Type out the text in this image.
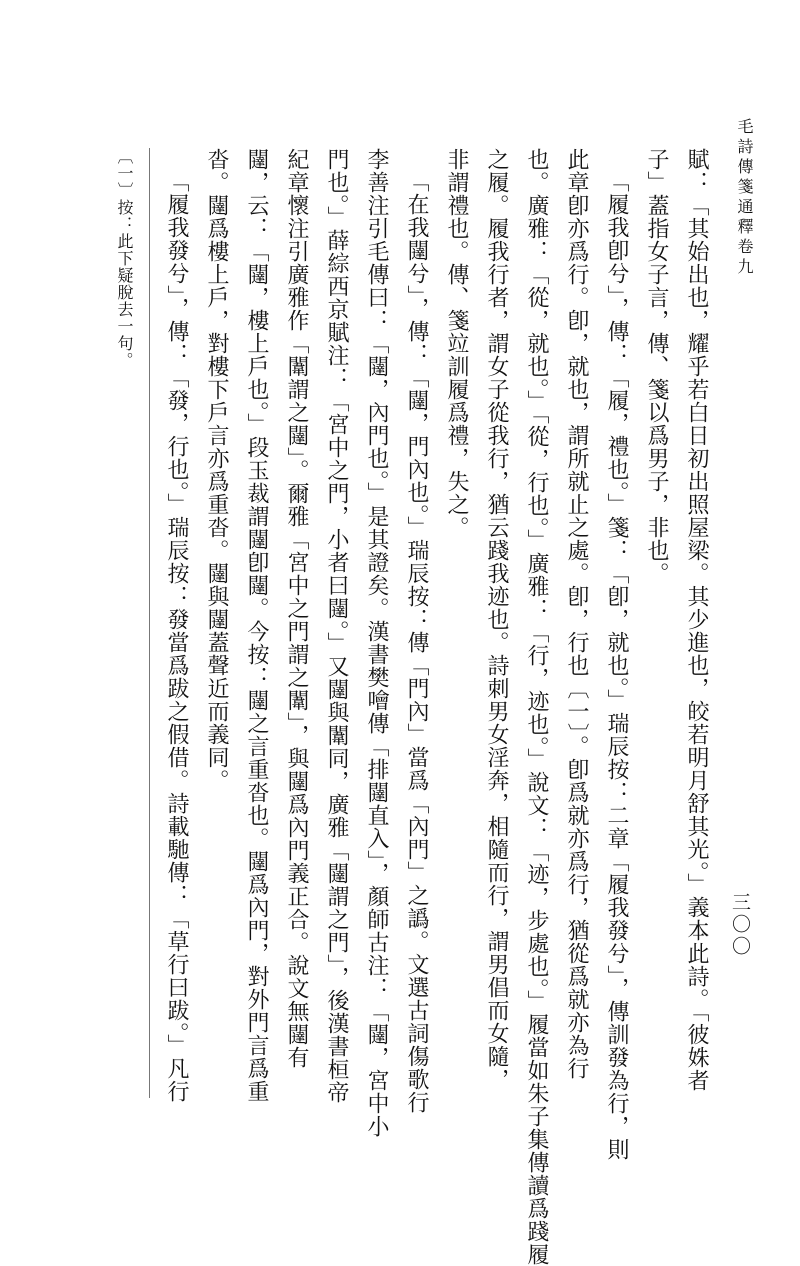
毛詩傳箋通釋卷九
三〇〇
賦：「其始出也，耀乎若白日初出照屋梁。其少進也，皎若明月舒其光。」義本此詩。「彼姝者
子」蓋指女子言，傳、箋以爲男子，非也。
「履我卽兮」，傳：「履，禮也。」箋：「卽，就也。」瑞辰按：二章「履我發兮」，傳訓發為行，則
此章卽亦爲行。卽，就也，謂所就止之處。卽，行也〔一〕。卽爲就亦爲行，猶從爲就亦為行
也。廣雅：「從，就也。」「從，行也。」廣雅：「行，迹也。」說文：「迹，步處也。」履當如朱子集傳讀爲踐履
之履。履我行者，謂女子從我行，猶云踐我迹也。詩刺男女淫奔，相隨而行，謂男倡而女隨，
非謂禮也。傳、箋竝訓履爲禮，失之。
「在我闥兮」，傳：「闥，門內也。」瑞辰按：傳「門內」當爲「內門」之譌。文選古詞傷歌行
李善注引毛傳曰：「闥，內門也。」是其證矣。漢書樊噲傳「排闥直入」，顏師古注：「闥，宮中小
門也。」薛綜西京賦注：「宮中之門，小者曰闥。」又闥與闈同，廣雅「闥謂之門」，後漢書桓帝
紀章懷注引廣雅作「闈謂之闥」。爾雅「宮中之門謂之闈」，與闥爲內門義正合。說文無闥有
闥，云：「闥，樓上戶也。」段玉裁謂闥卽闥。今按：闥之言重沓也。闥爲內門，對外門言爲重
沓。闥爲樓上戶，對樓下戶言亦爲重沓。闥與闥蓋聲近而義同。
「履我發兮」，傳：「發，行也。」瑞辰按：發當爲跋之假借。詩載馳傳：「草行曰跋。」凡行
〔一〕按：此下疑脫去一句。
